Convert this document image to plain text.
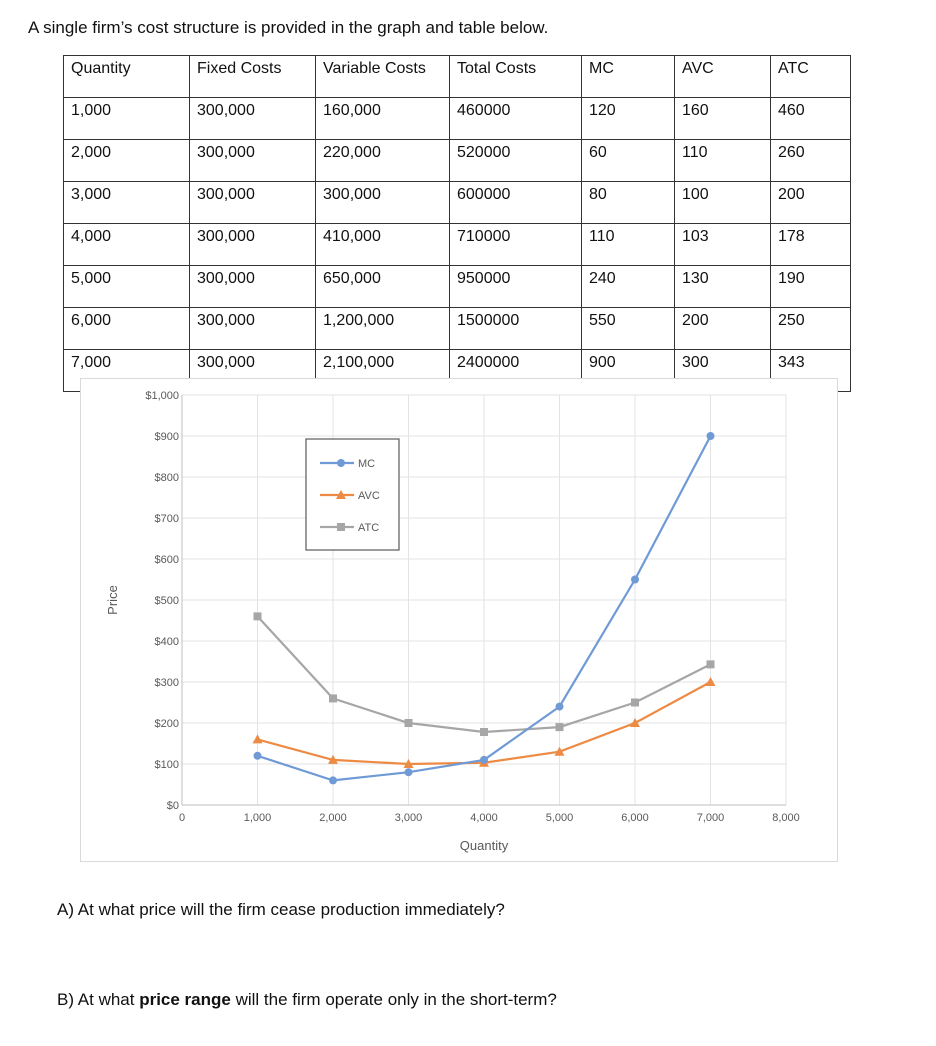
A single firm’s cost structure is provided in the graph and table below.
Quantity	Fixed Costs	Variable Costs	Total Costs	MC	AVC	ATC
1,000	300,000	160,000	460000	120	160	460
2,000	300,000	220,000	520000	60	110	260
3,000	300,000	300,000	600000	80	100	200
4,000	300,000	410,000	710000	110	103	178
5,000	300,000	650,000	950000	240	130	190
6,000	300,000	1,200,000	1500000	550	200	250
7,000	300,000	2,100,000	2400000	900	300	343
$0
$100
$200
$300
$400
$500
$600
$700
$800
$900
$1,000
0	1,000	2,000	3,000	4,000	5,000	6,000	7,000	8,000
Quantity
Price
MC
AVC
ATC
A) At what price will the firm cease production immediately?
B) At what price range will the firm operate only in the short-term?
